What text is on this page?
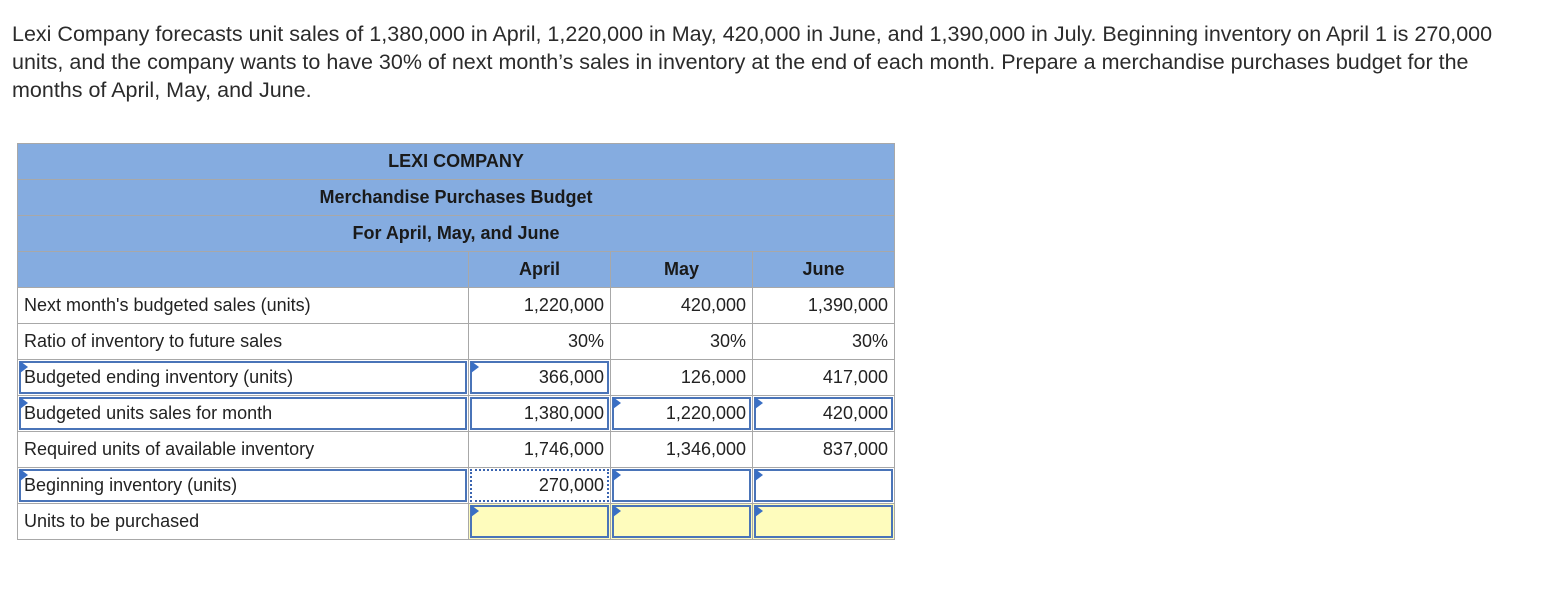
Lexi Company forecasts unit sales of 1,380,000 in April, 1,220,000 in May, 420,000 in June, and 1,390,000 in July. Beginning inventory on April 1 is 270,000 units, and the company wants to have 30% of next month’s sales in inventory at the end of each month. Prepare a merchandise purchases budget for the months of April, May, and June.

LEXI COMPANY			
Merchandise Purchases Budget			
For April, May, and June			
	April	May	June
Next month's budgeted sales (units)	1,220,000	420,000	1,390,000
Ratio of inventory to future sales	30%	30%	30%

Budgeted ending inventory (units)	366,000	126,000	417,000

Budgeted units sales for month	1,380,000	1,220,000	420,000
Required units of available inventory	1,746,000	1,346,000	837,000

Beginning inventory (units)	270,000	

Units to be purchased	
